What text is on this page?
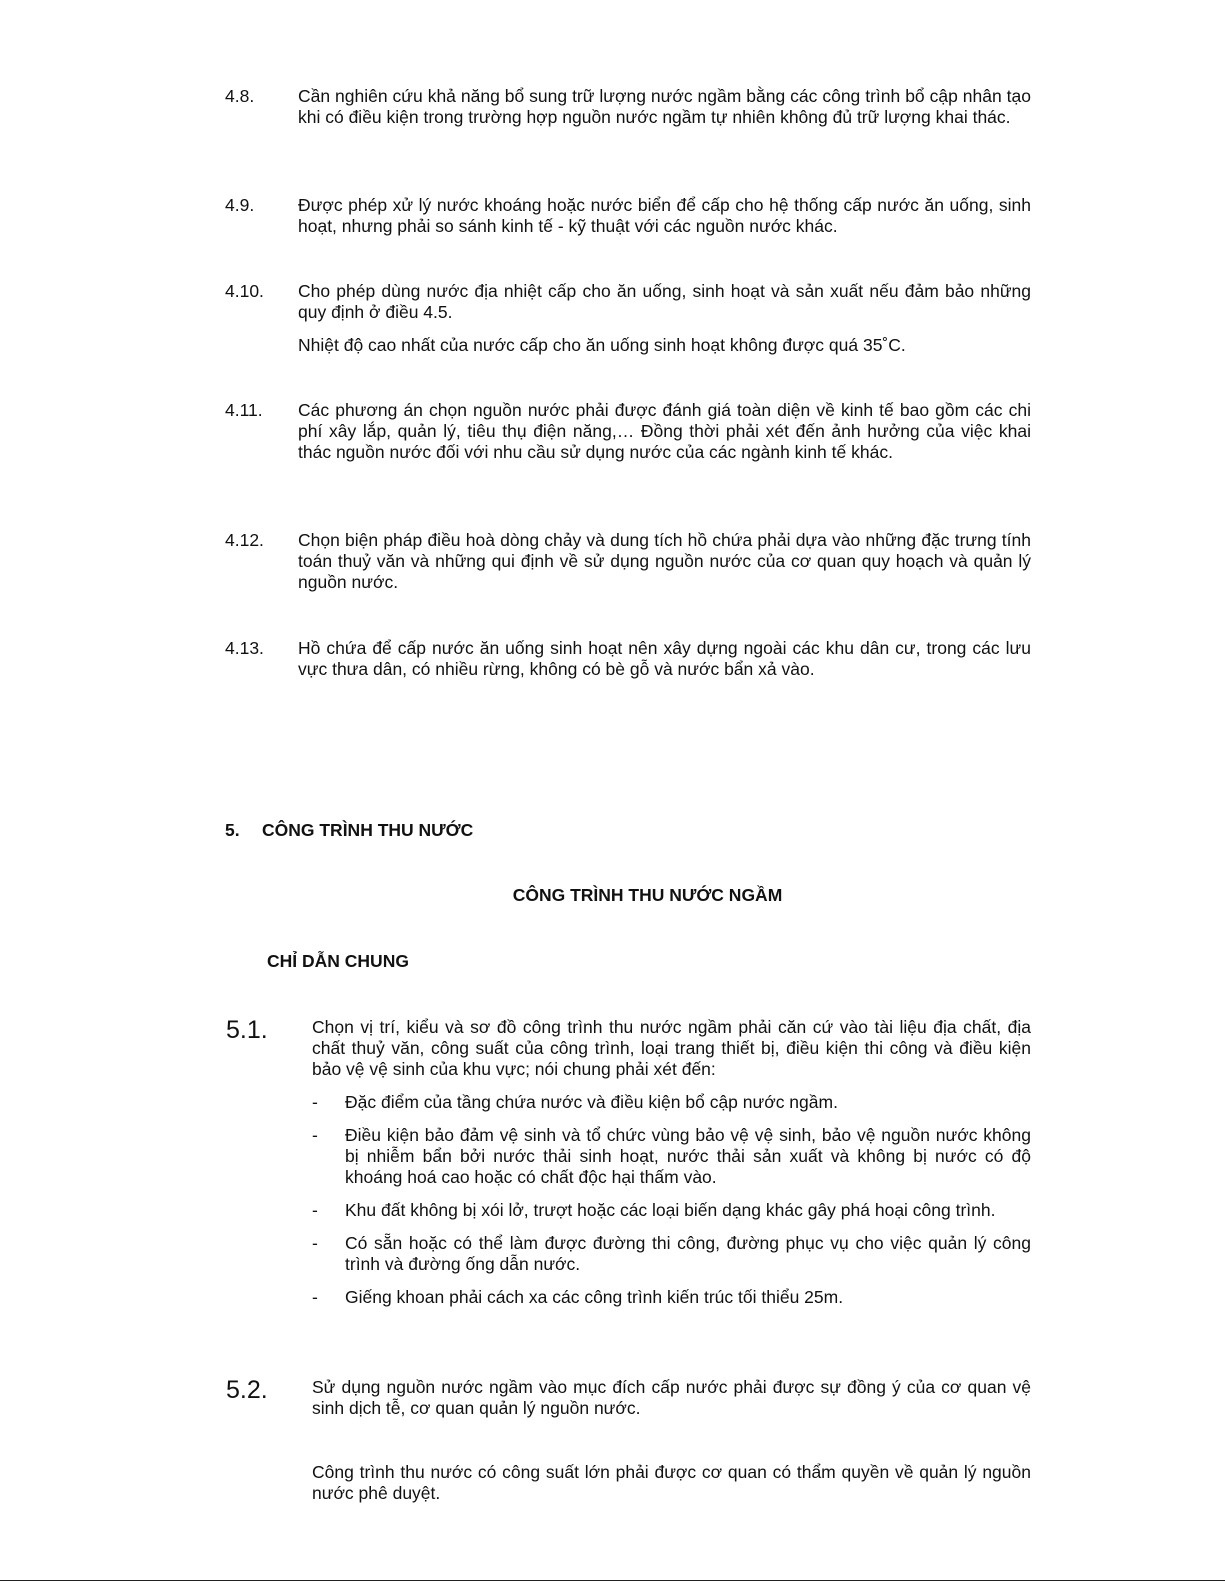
4.8.	Cần nghiên cứu khả năng bổ sung trữ lượng nước ngầm bằng các công trình bổ cập nhân tạo khi có điều kiện trong trường hợp nguồn nước ngầm tự nhiên không đủ trữ lượng khai thác.

4.9.	Được phép xử lý nước khoáng hoặc nước biển để cấp cho hệ thống cấp nước ăn uống, sinh hoạt, nhưng phải so sánh kinh tế - kỹ thuật với các nguồn nước khác.

4.10. Cho phép dùng nước địa nhiệt cấp cho ăn uống, sinh hoạt và sản xuất nếu đảm bảo những quy định ở điều 4.5.

Nhiệt độ cao nhất của nước cấp cho ăn uống sinh hoạt không được quá 35˚C.

4.11. Các phương án chọn nguồn nước phải được đánh giá toàn diện về kinh tế bao gồm các chi phí xây lắp, quản lý, tiêu thụ điện năng,… Đồng thời phải xét đến ảnh hưởng của việc khai thác nguồn nước đối với nhu cầu sử dụng nước của các ngành kinh tế khác.

4.12. Chọn biện pháp điều hoà dòng chảy và dung tích hồ chứa phải dựa vào những đặc trưng tính toán thuỷ văn và những qui định về sử dụng nguồn nước của cơ quan quy hoạch và quản lý nguồn nước.

4.13. Hồ chứa để cấp nước ăn uống sinh hoạt nên xây dựng ngoài các khu dân cư, trong các lưu vực thưa dân, có nhiều rừng, không có bè gỗ và nước bẩn xả vào.

5. CÔNG TRÌNH THU NƯỚC
CÔNG TRÌNH THU NƯỚC NGẦM
CHỈ DẪN CHUNG
5.1.	Chọn vị trí, kiểu và sơ đồ công trình thu nước ngầm phải căn cứ vào tài liệu địa chất, địa chất thuỷ văn, công suất của công trình, loại trang thiết bị, điều kiện thi công và điều kiện bảo vệ vệ sinh của khu vực; nói chung phải xét đến:

- Đặc điểm của tầng chứa nước và điều kiện bổ cập nước ngầm.
- Điều kiện bảo đảm vệ sinh và tổ chức vùng bảo vệ vệ sinh, bảo vệ nguồn nước không bị nhiễm bẩn bởi nước thải sinh hoạt, nước thải sản xuất và không bị nước có độ khoáng hoá cao hoặc có chất độc hại thấm vào.
- Khu đất không bị xói lở, trượt hoặc các loại biến dạng khác gây phá hoại công trình.
- Có sẵn hoặc có thể làm được đường thi công, đường phục vụ cho việc quản lý công trình và đường ống dẫn nước.
- Giếng khoan phải cách xa các công trình kiến trúc tối thiểu 25m.
5.2.	Sử dụng nguồn nước ngầm vào mục đích cấp nước phải được sự đồng ý của cơ quan vệ sinh dịch tễ, cơ quan quản lý nguồn nước.

Công trình thu nước có công suất lớn phải được cơ quan có thẩm quyền về quản lý nguồn nước phê duyệt.
